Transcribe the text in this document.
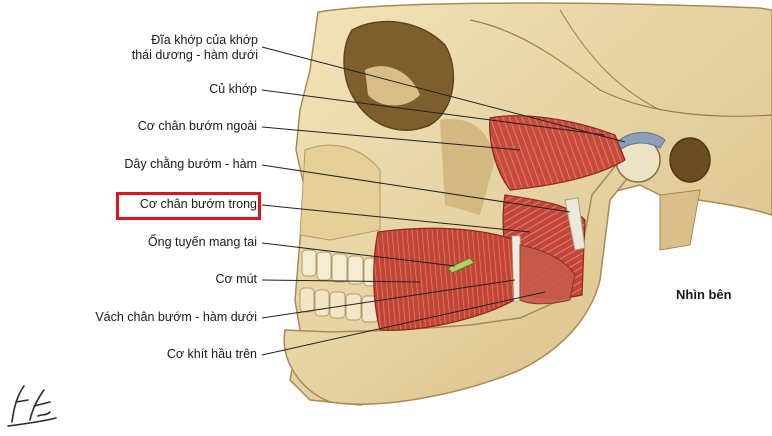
Đĩa khớp của khớp
thái dương - hàm dưới
Củ khớp
Cơ chân bướm ngoài
Dây chằng bướm - hàm
Cơ chân bướm trong
Ống tuyến mang tai
Cơ mút
Vách chân bướm - hàm dưới
Cơ khít hầu trên
Nhìn bên
